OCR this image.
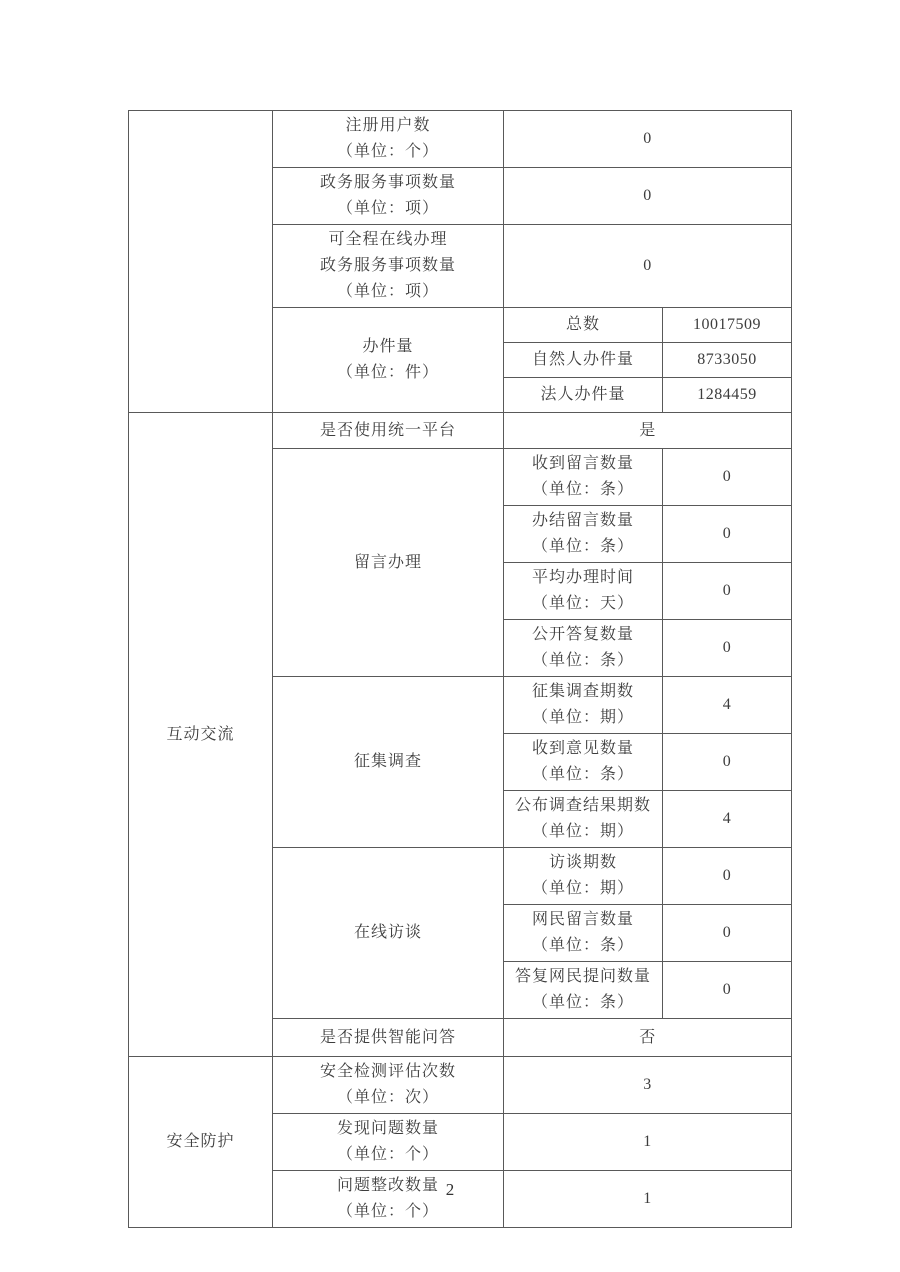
	注册用户数
（单位：个）	0	

	政务服务事项数量
（单位：项）	0	

	可全程在线办理
政务服务事项数量
（单位：项）	0	

	办件量
（单位：件）	总数	10017509
		自然人办件量	8733050
		法人办件量	1284459
互动交流	是否使用统一平台	是	
	留言办理	收到留言数量
（单位：条）	0

		办结留言数量
（单位：条）	0

		平均办理时间
（单位：天）	0

		公开答复数量
（单位：条）	0
	征集调查	征集调查期数
（单位：期）	4

		收到意见数量
（单位：条）	0

		公布调查结果期数
（单位：期）	4
	在线访谈	访谈期数
（单位：期）	0

		网民留言数量
（单位：条）	0

		答复网民提问数量
（单位：条）	0
	是否提供智能问答	否	
安全防护	安全检测评估次数
（单位：次）	3	

	发现问题数量
（单位：个）	1	

	问题整改数量
（单位：个）	1	
2
